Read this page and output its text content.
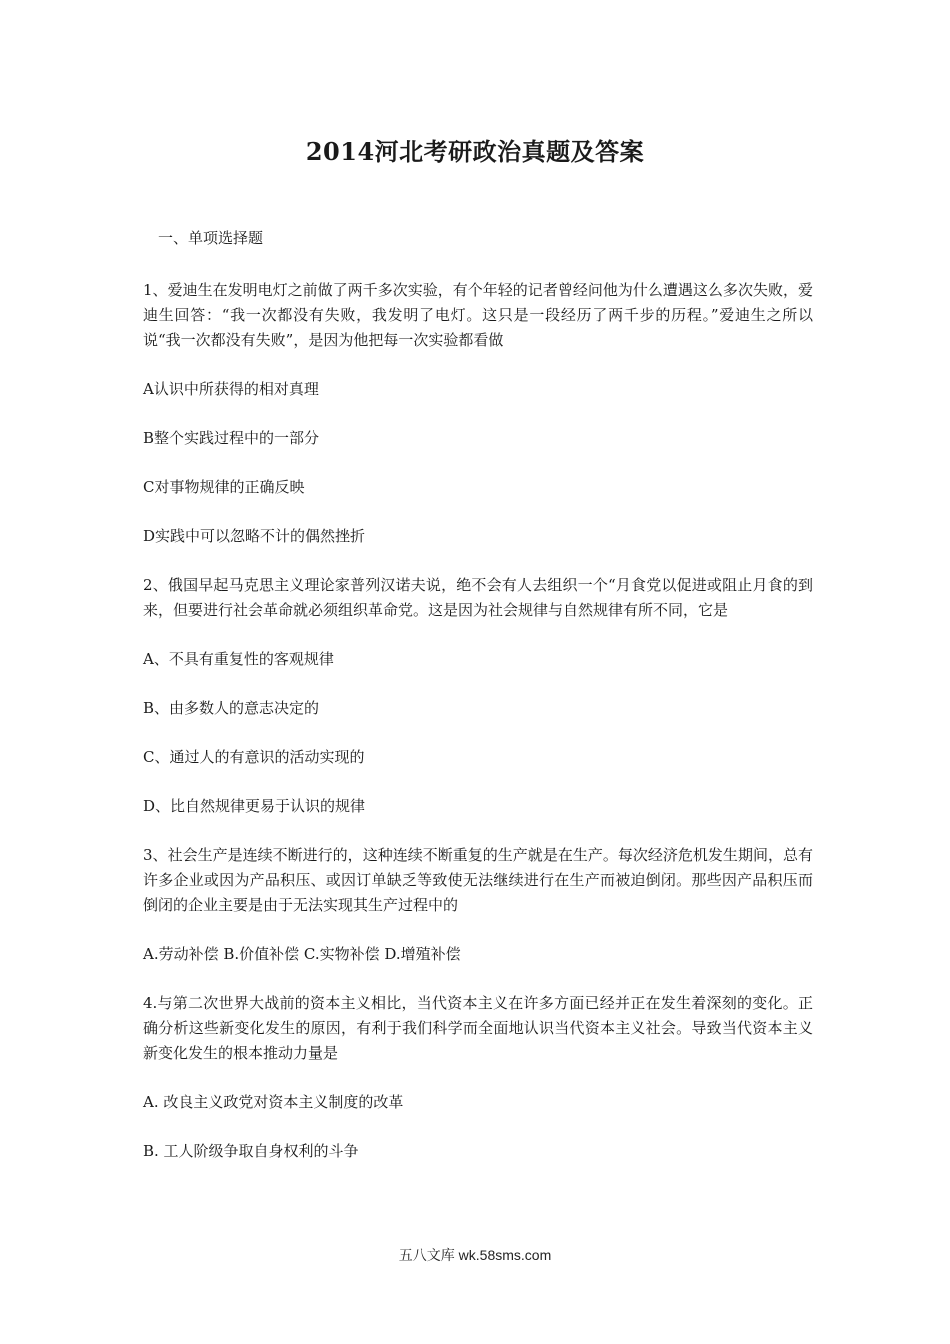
2014河北考研政治真题及答案

一、单项选择题

1、爱迪生在发明电灯之前做了两千多次实验，有个年轻的记者曾经问他为什么遭遇这么多次失败，爱迪生回答：“我一次都没有失败，我发明了电灯。这只是一段经历了两千步的历程。”爱迪生之所以说“我一次都没有失败”，是因为他把每一次实验都看做

A认识中所获得的相对真理

B整个实践过程中的一部分

C对事物规律的正确反映

D实践中可以忽略不计的偶然挫折

2、俄国早起马克思主义理论家普列汉诺夫说，绝不会有人去组织一个“月食党以促进或阻止月食的到来，但要进行社会革命就必须组织革命党。这是因为社会规律与自然规律有所不同，它是

A、不具有重复性的客观规律

B、由多数人的意志决定的

C、通过人的有意识的活动实现的

D、比自然规律更易于认识的规律

3、社会生产是连续不断进行的，这种连续不断重复的生产就是在生产。每次经济危机发生期间，总有许多企业或因为产品积压、或因订单缺乏等致使无法继续进行在生产而被迫倒闭。那些因产品积压而倒闭的企业主要是由于无法实现其生产过程中的

A.劳动补偿 B.价值补偿 C.实物补偿 D.增殖补偿

4.与第二次世界大战前的资本主义相比，当代资本主义在许多方面已经并正在发生着深刻的变化。正确分析这些新变化发生的原因，有利于我们科学而全面地认识当代资本主义社会。导致当代资本主义新变化发生的根本推动力量是

A. 改良主义政党对资本主义制度的改革

B. 工人阶级争取自身权利的斗争

五八文库 wk.58sms.com
